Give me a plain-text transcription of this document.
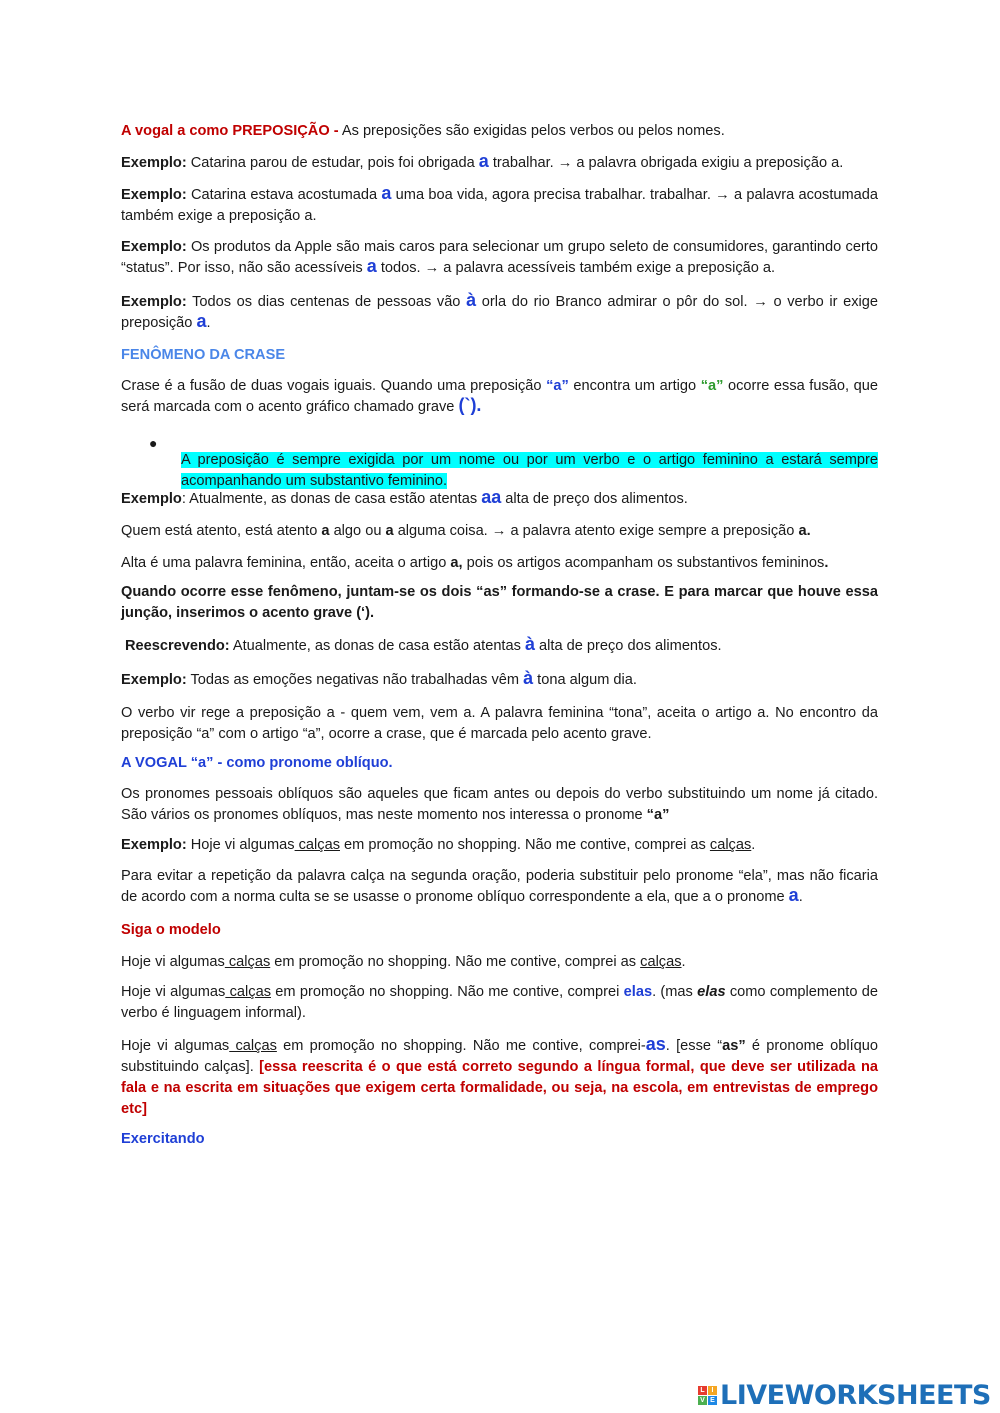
A vogal a como PREPOSIÇÃO - As preposições são exigidas pelos verbos ou pelos nomes.

Exemplo: Catarina parou de estudar, pois foi obrigada a trabalhar. → a palavra obrigada exigiu a preposição a.

Exemplo: Catarina estava acostumada a uma boa vida, agora precisa trabalhar. trabalhar. → a palavra acostumada também exige a preposição a.

Exemplo: Os produtos da Apple são mais caros para selecionar um grupo seleto de consumidores, garantindo certo “status”. Por isso, não são acessíveis a todos. → a palavra acessíveis também exige a preposição a.

Exemplo: Todos os dias centenas de pessoas vão à orla do rio Branco admirar o pôr do sol. → o verbo ir exige preposição a.

FENÔMENO DA CRASE

Crase é a fusão de duas vogais iguais. Quando uma preposição “a” encontra um artigo “a” ocorre essa fusão, que será marcada com o acento gráfico chamado grave (`).

●

A preposição é sempre exigida por um nome ou por um verbo e o artigo feminino a estará sempre acompanhando um substantivo feminino.

Exemplo: Atualmente, as donas de casa estão atentas aa alta de preço dos alimentos.

Quem está atento, está atento a algo ou a alguma coisa. → a palavra atento exige sempre a preposição a.

Alta é uma palavra feminina, então, aceita o artigo a, pois os artigos acompanham os substantivos femininos.

Quando ocorre esse fenômeno, juntam-se os dois “as” formando-se a crase. E para marcar que houve essa junção, inserimos o acento grave (‘).

Reescrevendo: Atualmente, as donas de casa estão atentas à alta de preço dos alimentos.

Exemplo: Todas as emoções negativas não trabalhadas vêm à tona algum dia.

O verbo vir rege a preposição a - quem vem, vem a. A palavra feminina “tona”, aceita o artigo a. No encontro da preposição “a” com o artigo “a”, ocorre a crase, que é marcada pelo acento grave.

A VOGAL “a” - como pronome oblíquo.

Os pronomes pessoais oblíquos são aqueles que ficam antes ou depois do verbo substituindo um nome já citado. São vários os pronomes oblíquos, mas neste momento nos interessa o pronome “a”

Exemplo: Hoje vi algumas calças em promoção no shopping. Não me contive, comprei as calças.

Para evitar a repetição da palavra calça na segunda oração, poderia substituir pelo pronome “ela”, mas não ficaria de acordo com a norma culta se se usasse o pronome oblíquo correspondente a ela, que a o pronome a.

Siga o modelo

Hoje vi algumas calças em promoção no shopping. Não me contive, comprei as calças.

Hoje vi algumas calças em promoção no shopping. Não me contive, comprei elas. (mas elas como complemento de verbo é linguagem informal).

Hoje vi algumas calças em promoção no shopping. Não me contive, comprei-as. [esse “as” é pronome oblíquo substituindo calças]. [essa reescrita é o que está correto segundo a língua formal, que deve ser utilizada na fala e na escrita em situações que exigem certa formalidade, ou seja, na escola, em entrevistas de emprego etc]

Exercitando

L I
V E LIVEWORKSHEETS
